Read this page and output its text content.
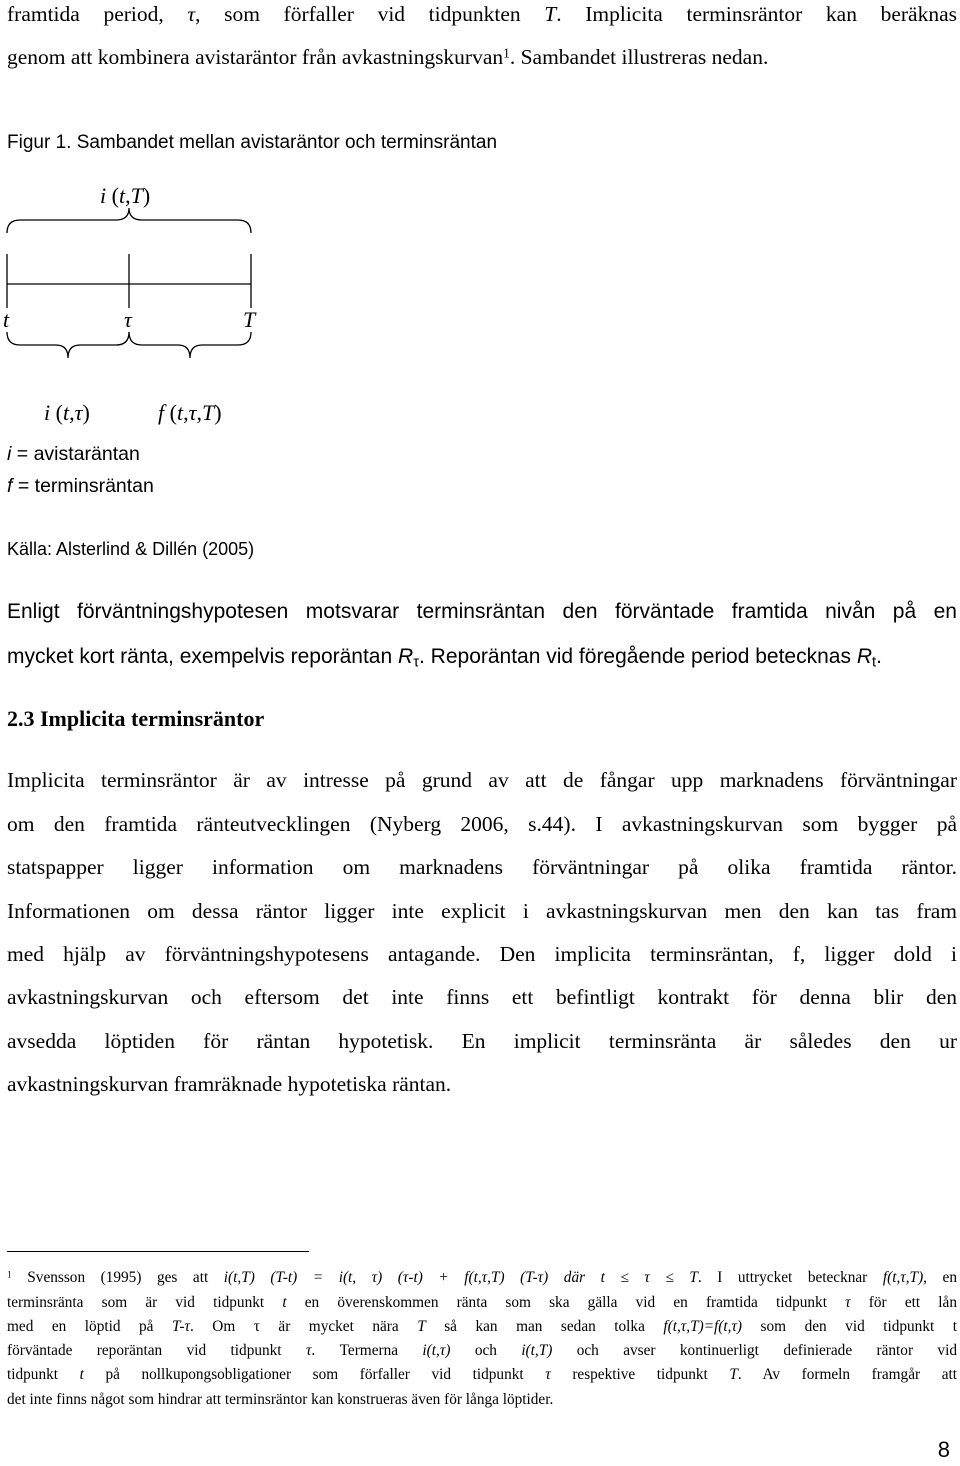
framtida period, τ, som förfaller vid tidpunkten T. Implicita terminsräntor kan beräknas
genom att kombinera avistaräntor från avkastningskurvan$^1$. Sambandet illustreras nedan.
Figur 1. Sambandet mellan avistaräntor och terminsräntan
i (t,T)
t	τ	T
i (t,τ)	f (t,τ,T)
i = avistaräntan
f = terminsräntan
Källa: Alsterlind & Dillén (2005)
Enligt förväntningshypotesen motsvarar terminsräntan den förväntade framtida nivån på en
mycket kort ränta, exempelvis reporäntan $R_\tau$. Reporäntan vid föregående period betecknas $R_t$.
2.3 Implicita terminsräntor
Implicita terminsräntor är av intresse på grund av att de fångar upp marknadens förväntningar
om den framtida ränteutvecklingen (Nyberg 2006, s.44). I avkastningskurvan som bygger på
statspapper ligger information om marknadens förväntningar på olika framtida räntor.
Informationen om dessa räntor ligger inte explicit i avkastningskurvan men den kan tas fram
med hjälp av förväntningshypotesens antagande. Den implicita terminsräntan, f, ligger dold i
avkastningskurvan och eftersom det inte finns ett befintligt kontrakt för denna blir den
avsedda löptiden för räntan hypotetisk. En implicit terminsränta är således den ur
avkastningskurvan framräknade hypotetiska räntan.
$^1$ Svensson (1995) ges att i(t,T) (T-t) = i(t, τ) (τ-t) + f(t,τ,T) (T-τ) där t ≤ τ ≤ T. I uttrycket betecknar f(t,τ,T), en
terminsränta som är vid tidpunkt t en överenskommen ränta som ska gälla vid en framtida tidpunkt τ för ett lån
med en löptid på T-τ. Om τ är mycket nära T så kan man sedan tolka f(t,τ,T)=f(t,τ) som den vid tidpunkt t
förväntade reporäntan vid tidpunkt τ. Termerna i(t,τ) och i(t,T) och avser kontinuerligt definierade räntor vid
tidpunkt t på nollkupongsobligationer som förfaller vid tidpunkt τ respektive tidpunkt T. Av formeln framgår att
det inte finns något som hindrar att terminsräntor kan konstrueras även för långa löptider.
8
